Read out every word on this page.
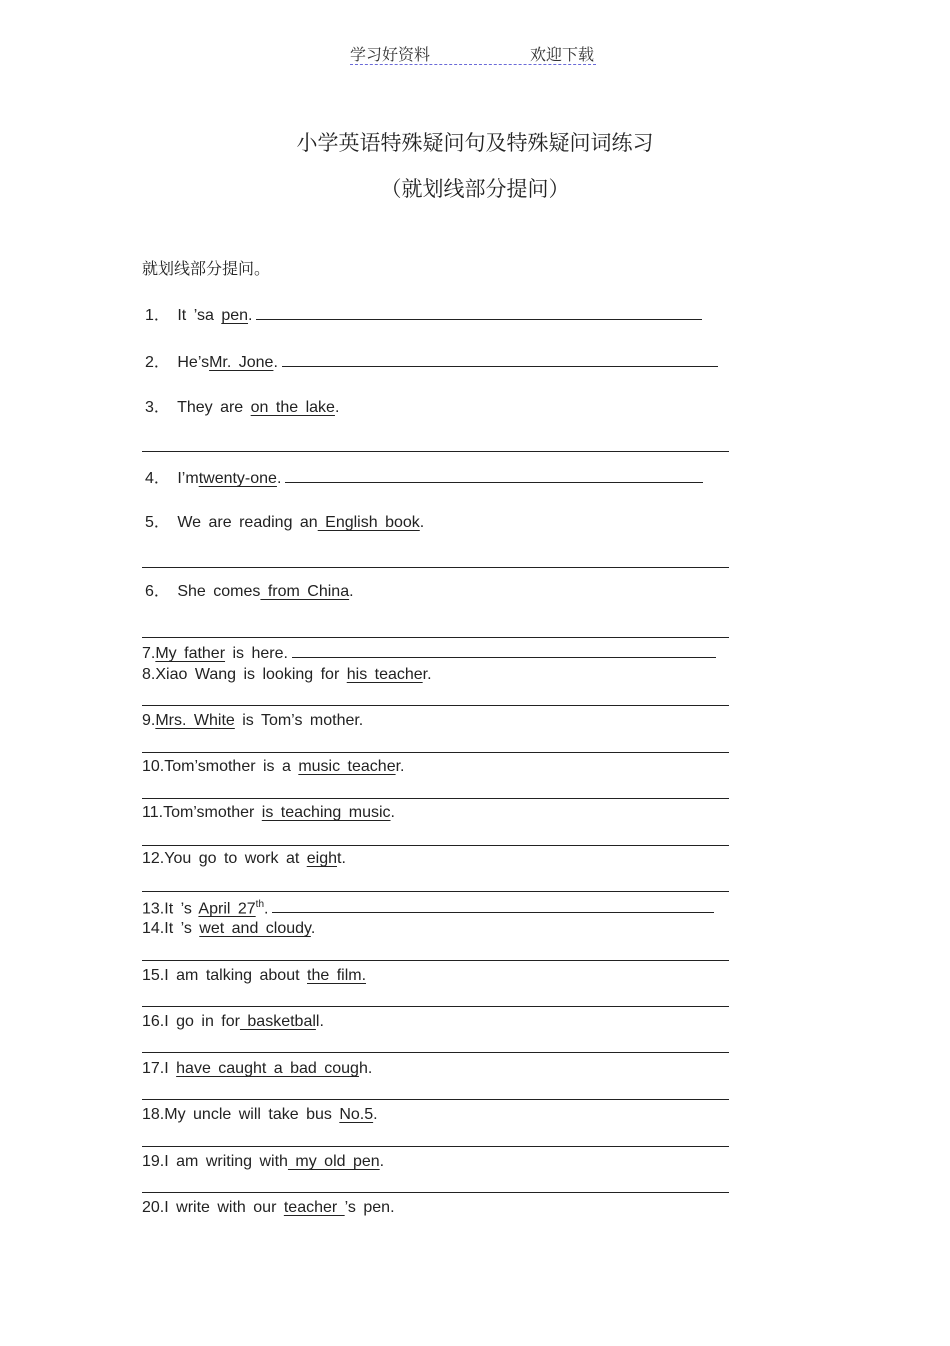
学习好资料	欢迎下载
小学英语特殊疑问句及特殊疑问词练习
（就划线部分提问）
就划线部分提问。
1． It ’sa pen.
2． He’sMr. Jone.
3． They are on the lake.
4． I’mtwenty-one.
5． We are reading an English book.
6． She comes from China.
7.My father is here.
8.Xiao Wang is looking for his teacher.
9.Mrs. White is Tom’s mother.
10.Tom’smother is a music teacher.
11.Tom’smother is teaching music.
12.You go to work at eight.
13.It ’s April 27th.
14.It ’s wet and cloudy.
15.I am talking about the film.
16.I go in for basketball.
17.I have caught a bad cough.
18.My uncle will take bus No.5.
19.I am writing with my old pen.
20.I write with our teacher ’s pen.
